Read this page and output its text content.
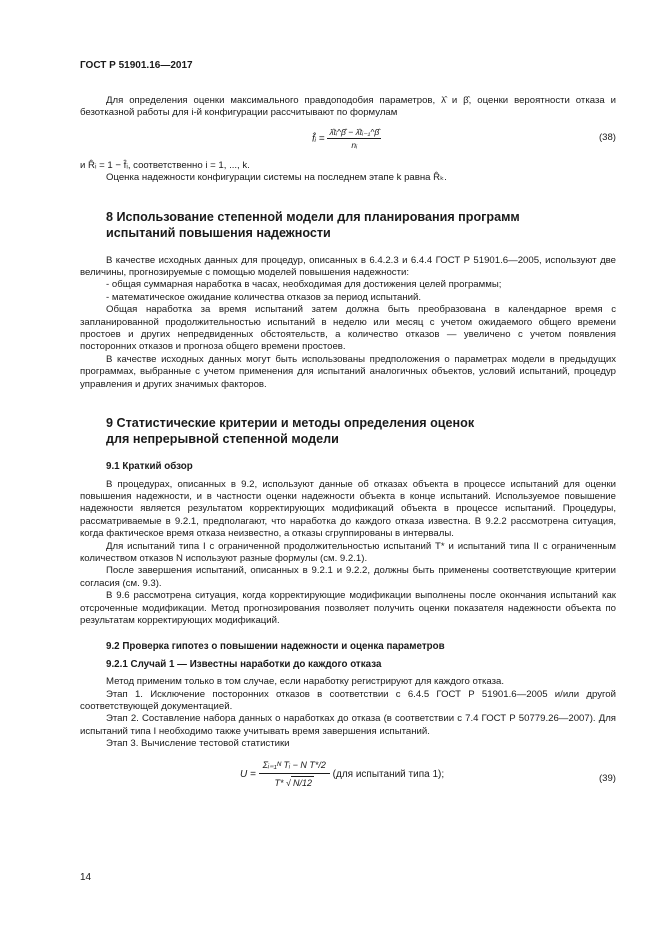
ГОСТ Р 51901.16—2017

Для определения оценки максимального правдоподобия параметров, λ̂ и β̂, оценки вероятности отказа и безотказной работы для i-й конфигурации рассчитывают по формулам

f̂ᵢ = $\frac{\text{λ̂tᵢ\textasciicircum{}β̂ − λ̂tᵢ₋₁\textasciicircum{}β̂}}{\text{nᵢ}}$	(38)

и R̂ᵢ = 1 − f̂ᵢ, соответственно i = 1, ..., k.

Оценка надежности конфигурации системы на последнем этапе k равна R̂ₖ.

8 Использование степенной модели для планирования программ
испытаний повышения надежности

В качестве исходных данных для процедур, описанных в 6.4.2.3 и 6.4.4 ГОСТ Р 51901.6—2005, используют две величины, прогнозируемые с помощью моделей повышения надежности:

- общая суммарная наработка в часах, необходимая для достижения целей программы;

- математическое ожидание количества отказов за период испытаний.

Общая наработка за время испытаний затем должна быть преобразована в календарное время с запланированной продолжительностью испытаний в неделю или месяц с учетом ожидаемого общего времени простоев и других непредвиденных обстоятельств, а количество отказов — увеличено с учетом появления посторонних отказов и прогноза общего времени простоев.

В качестве исходных данных могут быть использованы предположения о параметрах модели в предыдущих программах, выбранные с учетом применения для испытаний аналогичных объектов, условий испытаний, процедур управления и других значимых факторов.

9 Статистические критерии и методы определения оценок
для непрерывной степенной модели
9.1 Краткий обзор

В процедурах, описанных в 9.2, используют данные об отказах объекта в процессе испытаний для оценки повышения надежности, и в частности оценки надежности объекта в конце испытаний. Используемое повышение надежности является результатом корректирующих модификаций объекта в процессе испытаний. Процедуры, рассматриваемые в 9.2.1, предполагают, что наработка до каждого отказа известна. В 9.2.2 рассмотрена ситуация, когда фактическое время отказа неизвестно, а отказы сгруппированы в интервалы.

Для испытаний типа I с ограниченной продолжительностью испытаний T* и испытаний типа II с ограниченным количеством отказов N используют разные формулы (см. 9.2.1).

После завершения испытаний, описанных в 9.2.1 и 9.2.2, должны быть применены соответствующие критерии согласия (см. 9.3).

В 9.6 рассмотрена ситуация, когда корректирующие модификации выполнены после окончания испытаний как отсроченные модификации. Метод прогнозирования позволяет получить оценки показателя надежности объекта по результатам корректирующих модификаций.

9.2 Проверка гипотез о повышении надежности и оценка параметров
9.2.1 Случай 1 — Известны наработки до каждого отказа

Метод применим только в том случае, если наработку регистрируют для каждого отказа.

Этап 1. Исключение посторонних отказов в соответствии с 6.4.5 ГОСТ Р 51901.6—2005 и/или другой соответствующей документацией.

Этап 2. Составление набора данных о наработках до отказа (в соответствии с 7.4 ГОСТ Р 50779.26—2007). Для испытаний типа I необходимо также учитывать время завершения испытаний.

Этап 3. Вычисление тестовой статистики

$U = \frac{\text{Σᵢ₌₁ᴺ Tᵢ − N T*/2}}{T* √ N/12} (для$ испытаний типа 1);	(39)
14
